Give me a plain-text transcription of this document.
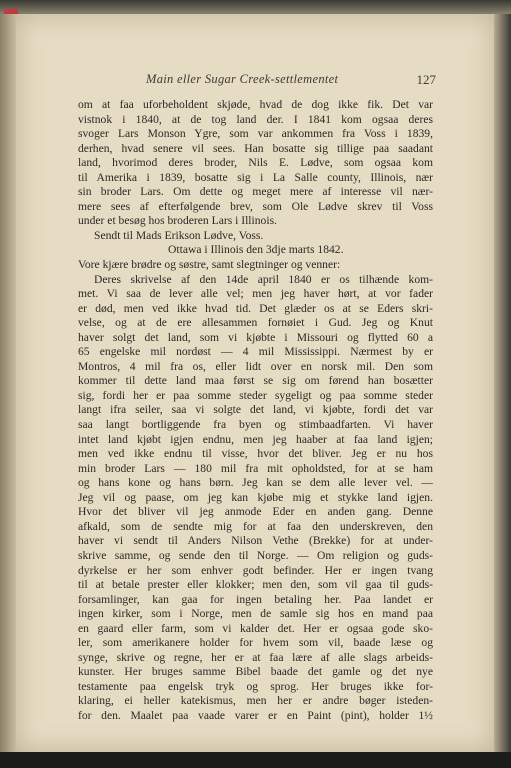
Main eller Sugar Creek-settlementet	127
om at faa uforbeholdent skjøde, hvad de dog ikke fik. Det var
vistnok i 1840, at de tog land der. I 1841 kom ogsaa deres
svoger Lars Monson Ygre, som var ankommen fra Voss i 1839,
derhen, hvad senere vil sees. Han bosatte sig tillige paa saadant
land, hvorimod deres broder, Nils E. Lødve, som ogsaa kom
til Amerika i 1839, bosatte sig i La Salle county, Illinois, nær
sin broder Lars. Om dette og meget mere af interesse vil nær-
mere sees af efterfølgende brev, som Ole Lødve skrev til Voss
under et besøg hos broderen Lars i Illinois.
Sendt til Mads Erikson Lødve, Voss.
Ottawa i Illinois den 3dje marts 1842.
Vore kjære brødre og søstre, samt slegtninger og venner:
Deres skrivelse af den 14de april 1840 er os tilhænde kom-
met. Vi saa de lever alle vel; men jeg haver hørt, at vor fader
er død, men ved ikke hvad tid. Det glæder os at se Eders skri-
velse, og at de ere allesammen fornøiet i Gud. Jeg og Knut
haver solgt det land, som vi kjøbte i Missouri og flytted 60 a
65 engelske mil nordøst — 4 mil Mississippi. Nærmest by er
Montros, 4 mil fra os, eller lidt over en norsk mil. Den som
kommer til dette land maa først se sig om førend han bosætter
sig, fordi her er paa somme steder sygeligt og paa somme steder
langt ifra seiler, saa vi solgte det land, vi kjøbte, fordi det var
saa langt bortliggende fra byen og stimbaadfarten. Vi haver
intet land kjøbt igjen endnu, men jeg haaber at faa land igjen;
men ved ikke endnu til visse, hvor det bliver. Jeg er nu hos
min broder Lars — 180 mil fra mit opholdsted, for at se ham
og hans kone og hans børn. Jeg kan se dem alle lever vel. —
Jeg vil og paase, om jeg kan kjøbe mig et stykke land igjen.
Hvor det bliver vil jeg anmode Eder en anden gang. Denne
afkald, som de sendte mig for at faa den underskreven, den
haver vi sendt til Anders Nilson Vethe (Brekke) for at under-
skrive samme, og sende den til Norge. — Om religion og guds-
dyrkelse er her som enhver godt befinder. Her er ingen tvang
til at betale prester eller klokker; men den, som vil gaa til guds-
forsamlinger, kan gaa for ingen betaling her. Paa landet er
ingen kirker, som i Norge, men de samle sig hos en mand paa
en gaard eller farm, som vi kalder det. Her er ogsaa gode sko-
ler, som amerikanere holder for hvem som vil, baade læse og
synge, skrive og regne, her er at faa lære af alle slags arbeids-
kunster. Her bruges samme Bibel baade det gamle og det nye
testamente paa engelsk tryk og sprog. Her bruges ikke for-
klaring, ei heller katekismus, men her er andre bøger isteden-
for den. Maalet paa vaade varer er en Paint (pint), holder 1½
